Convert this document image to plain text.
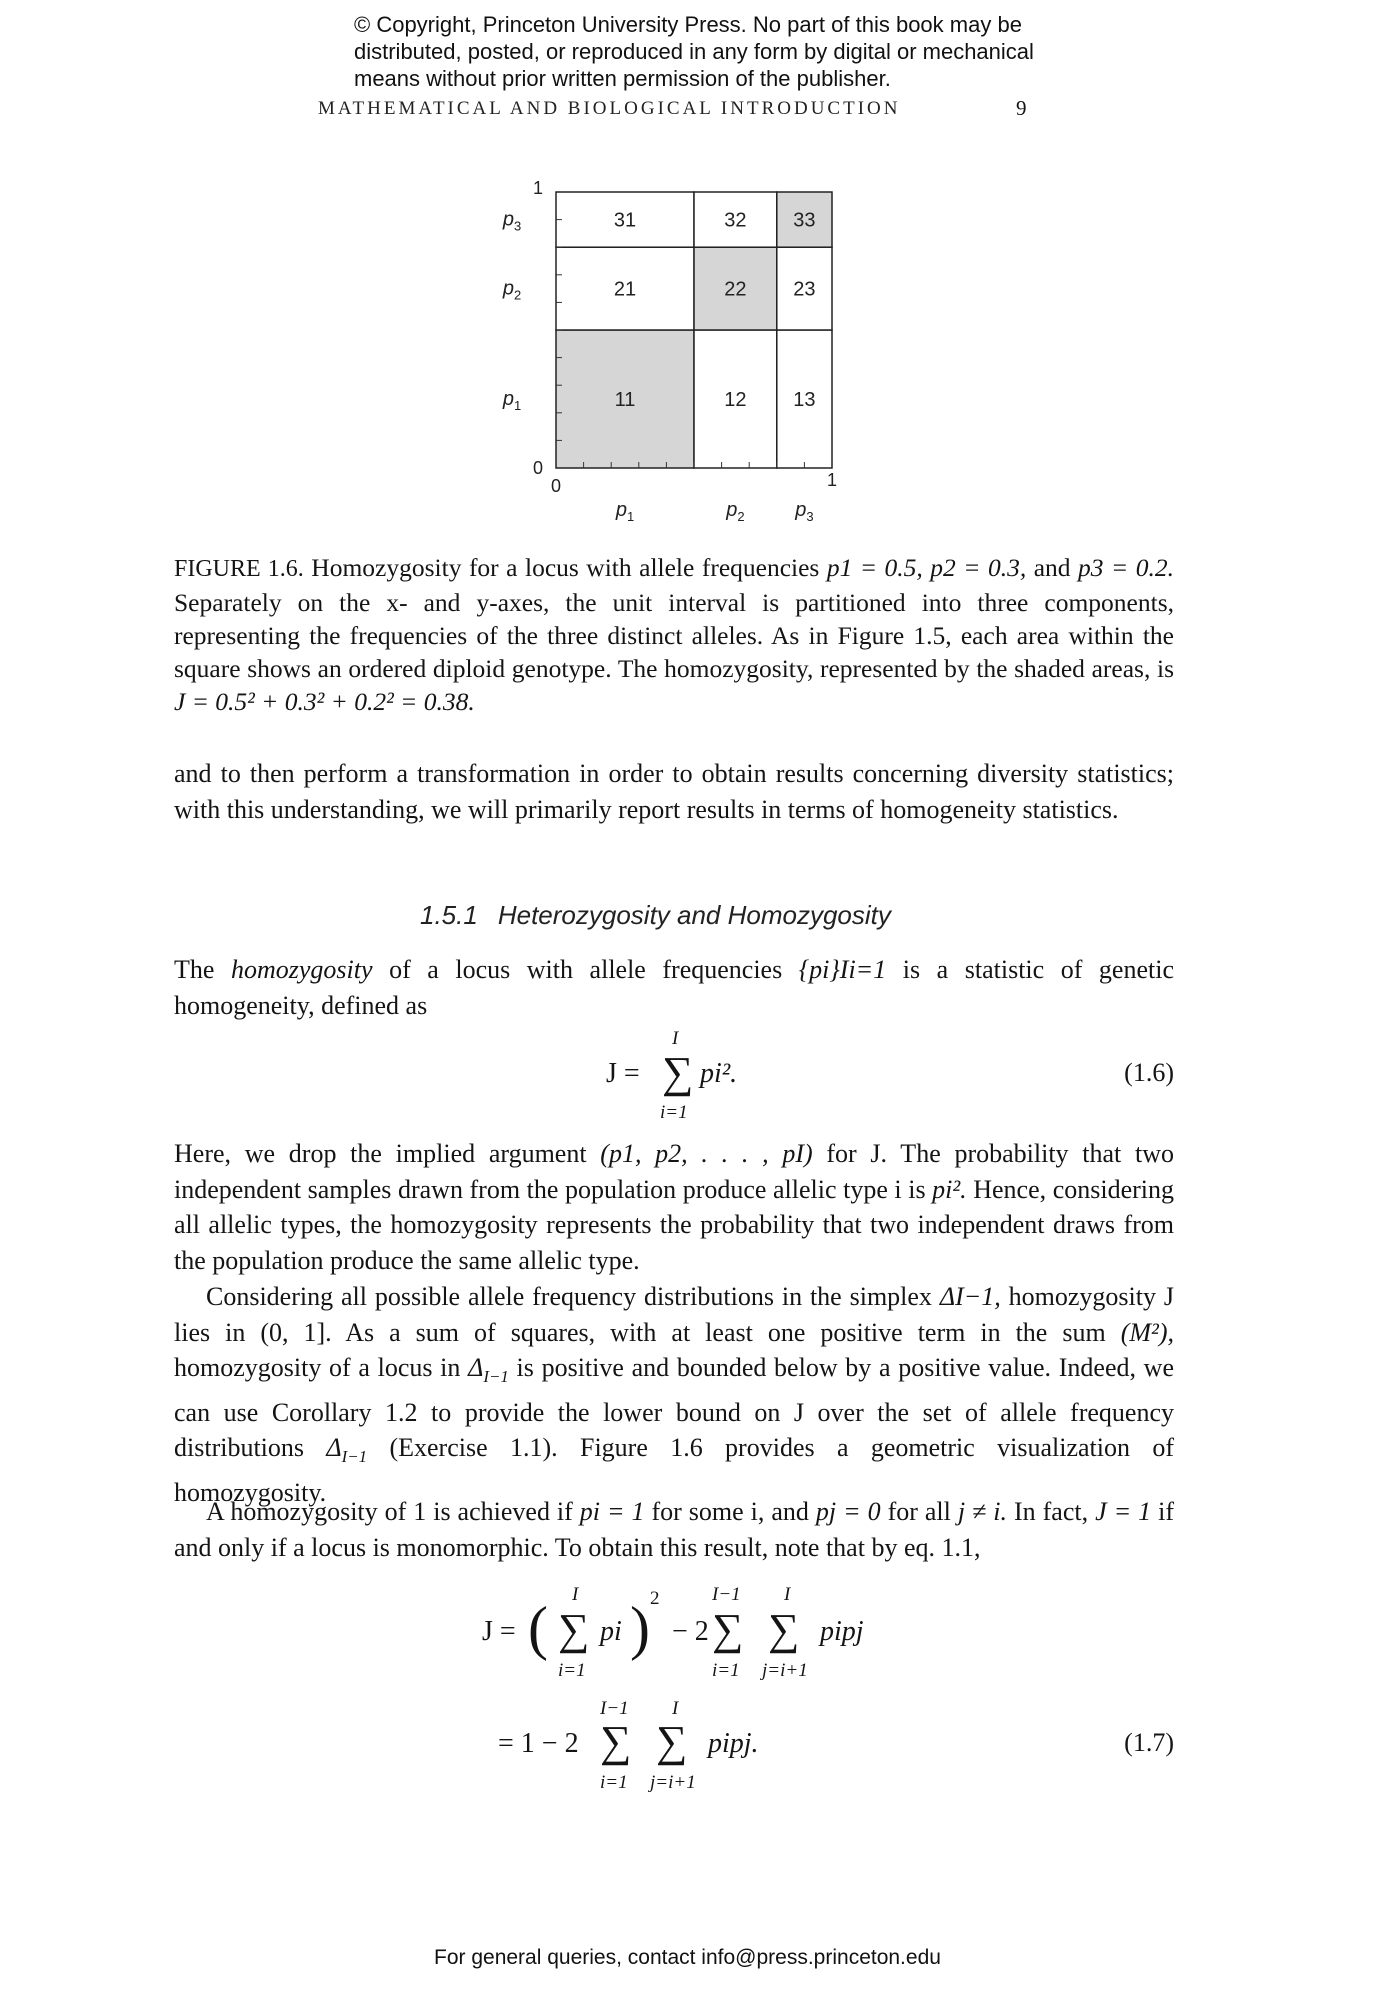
© Copyright, Princeton University Press. No part of this book may be
distributed, posted, or reproduced in any form by digital or mechanical
means without prior written permission of the publisher.
MATHEMATICAL AND BIOLOGICAL INTRODUCTION	9
11	12 13
21	22 23
31	32 33
0	1
0
1
$p_1$
$p_1$
$p_2$
$p_2$
$p_3$
$p_3$
FIGURE 1.6. Homozygosity for a locus with allele frequencies p1 = 0.5, p2 = 0.3, and p3 = 0.2. Separately on the x- and y-axes, the unit interval is partitioned into three components, representing the frequencies of the three distinct alleles. As in Figure 1.5, each area within the square shows an ordered diploid genotype. The homozygosity, represented by the shaded areas, is J = 0.5² + 0.3² + 0.2² = 0.38.
and to then perform a transformation in order to obtain results concerning diversity statistics; with this understanding, we will primarily report results in terms of homogeneity statistics.
1.5.1 Heterozygosity and Homozygosity
The homozygosity of a locus with allele frequencies {pi}Ii=1 is a statistic of genetic homogeneity, defined as
J =
I
∑
i=1
pi².	(1.6)
Here, we drop the implied argument (p1, p2, . . . , pI) for J. The probability that two independent samples drawn from the population produce allelic type i is pi². Hence, considering all allelic types, the homozygosity represents the probability that two independent draws from the population produce the same allelic type.
Considering all possible allele frequency distributions in the simplex ΔI−1, homozygosity J lies in (0, 1]. As a sum of squares, with at least one positive term in the sum (M²), homozygosity of a locus in $\Delta_{I-1}$ is positive and bounded below by a positive value. Indeed, we can use Corollary 1.2 to provide the lower bound on J over the set of allele frequency distributions $\Delta_{I-1}$ (Exercise 1.1). Figure 1.6 provides a geometric visualization of homozygosity.
A homozygosity of 1 is achieved if pi = 1 for some i, and pj = 0 for all j ≠ i. In fact, J = 1 if and only if a locus is monomorphic. To obtain this result, note that by eq. 1.1,
J = (
I
∑
i=1
pi ) 2
− 2
I−1 I
∑ ∑
i=1 j=i+1
pipj
= 1 − 2
I−1 I
∑ ∑
i=1 j=i+1
pipj.	(1.7)
For general queries, contact info@press.princeton.edu
